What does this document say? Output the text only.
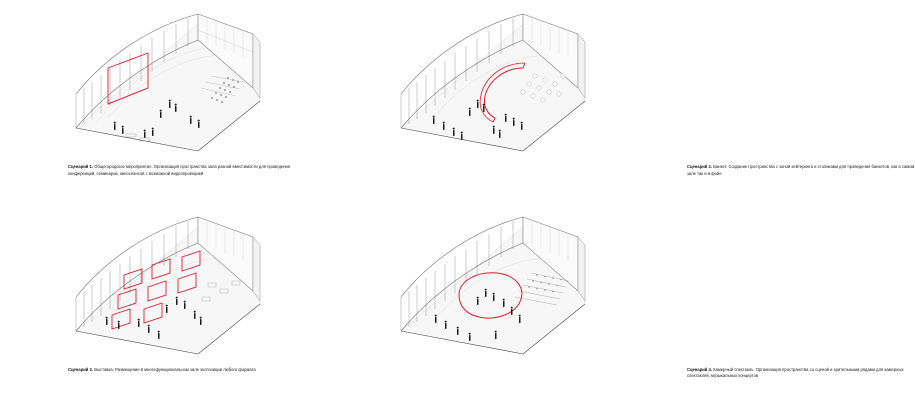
Сценарий 1. Общегородское мероприятие. Организация пространства зала разной вместимости для проведения конференций, семинаров, киносеансов с возможной видеопроекцией
Сценарий 2. Банкет. Создание пространства с зоной кейтеринга и столиками для проведения банкетов, как в самом зале так и в фойе
Сценарий 3. Выставка. Размещение в многофункциональном зале экспозиции любого формата	Сценарий 4. Камерный спектакль. Организация пространства со сценой и зрительными рядами для камерных спектаклей, музыкальных концертов
